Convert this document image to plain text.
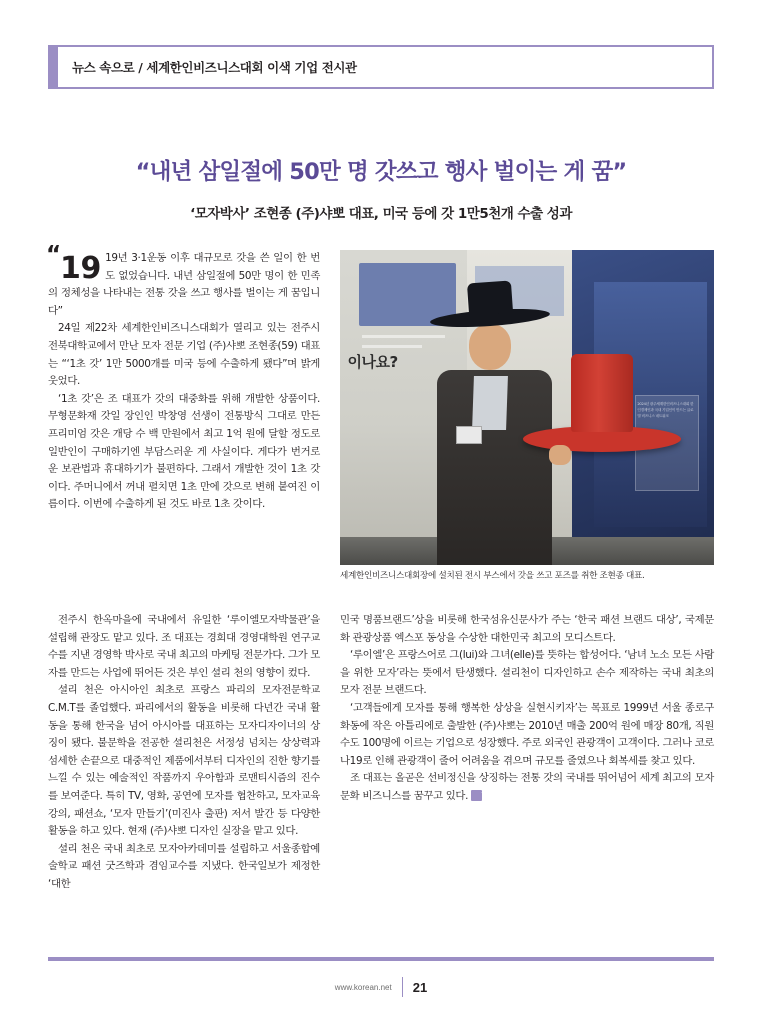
뉴스 속으로 / 세계한인비즈니스대회 이색 기업 전시관
“내년 삼일절에 50만 명 갓쓰고 행사 벌이는 게 꿈”
‘모자박사’ 조현종 (주)샤뽀 대표, 미국 등에 갓 1만5천개 수출 성과
이나요?
2024년 광주세계한인비즈니스대회 한인경제인과 국내 기업인이 만드는 글로벌 비즈니스 네트워크
세계한인비즈니스대회장에 설치된 전시 부스에서 갓을 쓰고 포즈를 취한 조현종 대표.
“ 19 19년 3·1운동 이후 대규모로 갓을 쓴 일이 한 번도 없었습니다. 내년 삼일절에 50만 명이 한 민족의 정체성을 나타내는 전통 갓을 쓰고 행사를 벌이는 게 꿈입니다”

24일 제22차 세계한인비즈니스대회가 열리고 있는 전주시 전북대학교에서 만난 모자 전문 기업 (주)샤뽀 조현종(59) 대표는 “‘1초 갓’ 1만 5000개를 미국 등에 수출하게 됐다”며 밝게 웃었다.

‘1초 갓’은 조 대표가 갓의 대중화를 위해 개발한 상품이다. 무형문화재 갓일 장인인 박창영 선생이 전통방식 그대로 만든 프리미엄 갓은 개당 수 백 만원에서 최고 1억 원에 달할 정도로 일반인이 구매하기엔 부담스러운 게 사실이다. 게다가 번거로운 보관법과 휴대하기가 불편하다. 그래서 개발한 것이 1초 갓이다. 주머니에서 꺼내 펼치면 1초 만에 갓으로 변해 붙여진 이름이다. 이번에 수출하게 된 것도 바로 1초 갓이다.

전주시 한옥마을에 국내에서 유일한 ‘루이엘모자박물관’을 설립해 관장도 맡고 있다. 조 대표는 경희대 경영대학원 연구교수를 지낸 경영학 박사로 국내 최고의 마케팅 전문가다. 그가 모자를 만드는 사업에 뛰어든 것은 부인 셜리 천의 영향이 컸다.

셜리 천은 아시아인 최초로 프랑스 파리의 모자전문학교 C.M.T를 졸업했다. 파리에서의 활동을 비롯해 다년간 국내 활동을 통해 한국을 넘어 아시아를 대표하는 모자디자이너의 상징이 됐다. 불문학을 전공한 셜리천은 서정성 넘치는 상상력과 섬세한 손끝으로 대중적인 제품에서부터 디자인의 진한 향기를 느낄 수 있는 예술적인 작품까지 우아함과 로맨티시즘의 진수를 보여준다. 특히 TV, 영화, 공연에 모자를 협찬하고, 모자교육 강의, 패션쇼, ‘모자 만들기’(미진사 출판) 저서 발간 등 다양한 활동을 하고 있다. 현재 (주)샤뽀 디자인 실장을 맡고 있다.

셜리 천은 국내 최초로 모자아카데미를 설립하고 서울종합예술학교 패션 굿즈학과 겸임교수를 지냈다. 한국일보가 제정한 ‘대한

민국 명품브랜드’상을 비롯해 한국섬유신문사가 주는 ‘한국 패션 브랜드 대상’, 국제문화 관광상품 엑스포 동상을 수상한 대한민국 최고의 모디스트다.

‘루이엘’은 프랑스어로 그(lui)와 그녀(elle)를 뜻하는 합성어다. ‘남녀 노소 모든 사람을 위한 모자’라는 뜻에서 탄생했다. 셜리천이 디자인하고 손수 제작하는 국내 최초의 모자 전문 브랜드다.

‘고객들에게 모자를 통해 행복한 상상을 실현시키자’는 목표로 1999년 서울 종로구 화동에 작은 아틀리에로 출발한 (주)샤뽀는 2010년 매출 200억 원에 매장 80개, 직원 수도 100명에 이르는 기업으로 성장했다. 주로 외국인 관광객이 고객이다. 그러나 코로나19로 인해 관광객이 줄어 어려움을 겪으며 규모를 줄였으나 회복세를 찾고 있다.

조 대표는 올곧은 선비정신을 상징하는 전통 갓의 국내를 뛰어넘어 세계 최고의 모자문화 비즈니스를 꿈꾸고 있다. ?

www.korean.net 21
